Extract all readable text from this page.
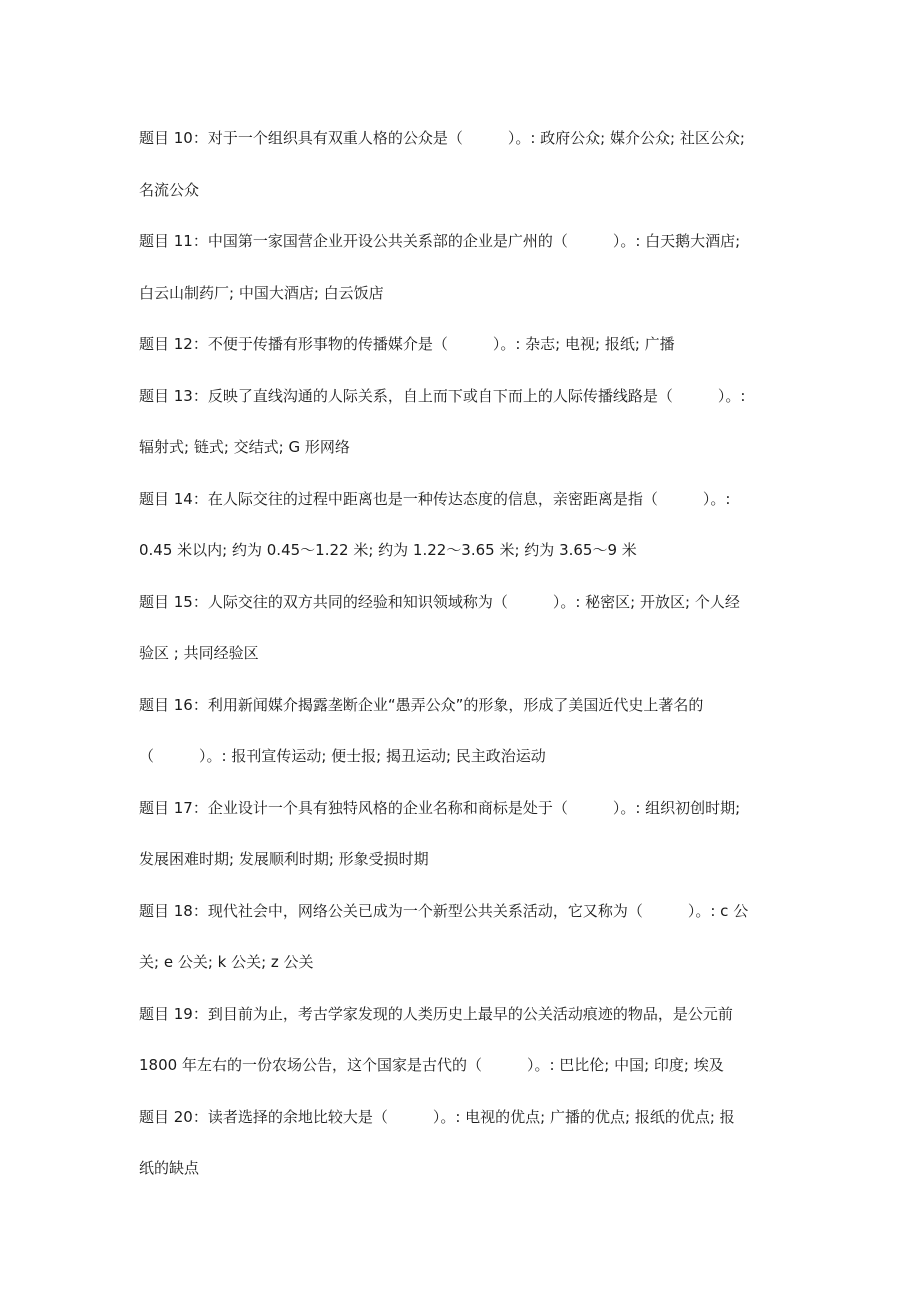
题目 10：对于一个组织具有双重人格的公众是（　　　）。: 政府公众; 媒介公众; 社区公众;
名流公众
题目 11：中国第一家国营企业开设公共关系部的企业是广州的（　　　）。: 白天鹅大酒店;
白云山制药厂; 中国大酒店; 白云饭店
题目 12：不便于传播有形事物的传播媒介是（　　　）。: 杂志; 电视; 报纸; 广播
题目 13：反映了直线沟通的人际关系，自上而下或自下而上的人际传播线路是（　　　）。:
辐射式; 链式; 交结式; G 形网络
题目 14：在人际交往的过程中距离也是一种传达态度的信息，亲密距离是指（　　　）。:
0.45 米以内; 约为 0.45～1.22 米; 约为 1.22～3.65 米; 约为 3.65～9 米
题目 15：人际交往的双方共同的经验和知识领域称为（　　　）。: 秘密区; 开放区; 个人经
验区 ; 共同经验区
题目 16：利用新闻媒介揭露垄断企业“愚弄公众”的形象，形成了美国近代史上著名的
（　　　）。: 报刊宣传运动; 便士报; 揭丑运动; 民主政治运动
题目 17：企业设计一个具有独特风格的企业名称和商标是处于（　　　）。: 组织初创时期;
发展困难时期; 发展顺利时期; 形象受损时期
题目 18：现代社会中，网络公关已成为一个新型公共关系活动，它又称为（　　　）。: c 公
关; e 公关; k 公关; z 公关
题目 19：到目前为止，考古学家发现的人类历史上最早的公关活动痕迹的物品，是公元前
1800 年左右的一份农场公告，这个国家是古代的（　　　）。: 巴比伦; 中国; 印度; 埃及
题目 20：读者选择的余地比较大是（　　　）。: 电视的优点; 广播的优点; 报纸的优点; 报
纸的缺点
